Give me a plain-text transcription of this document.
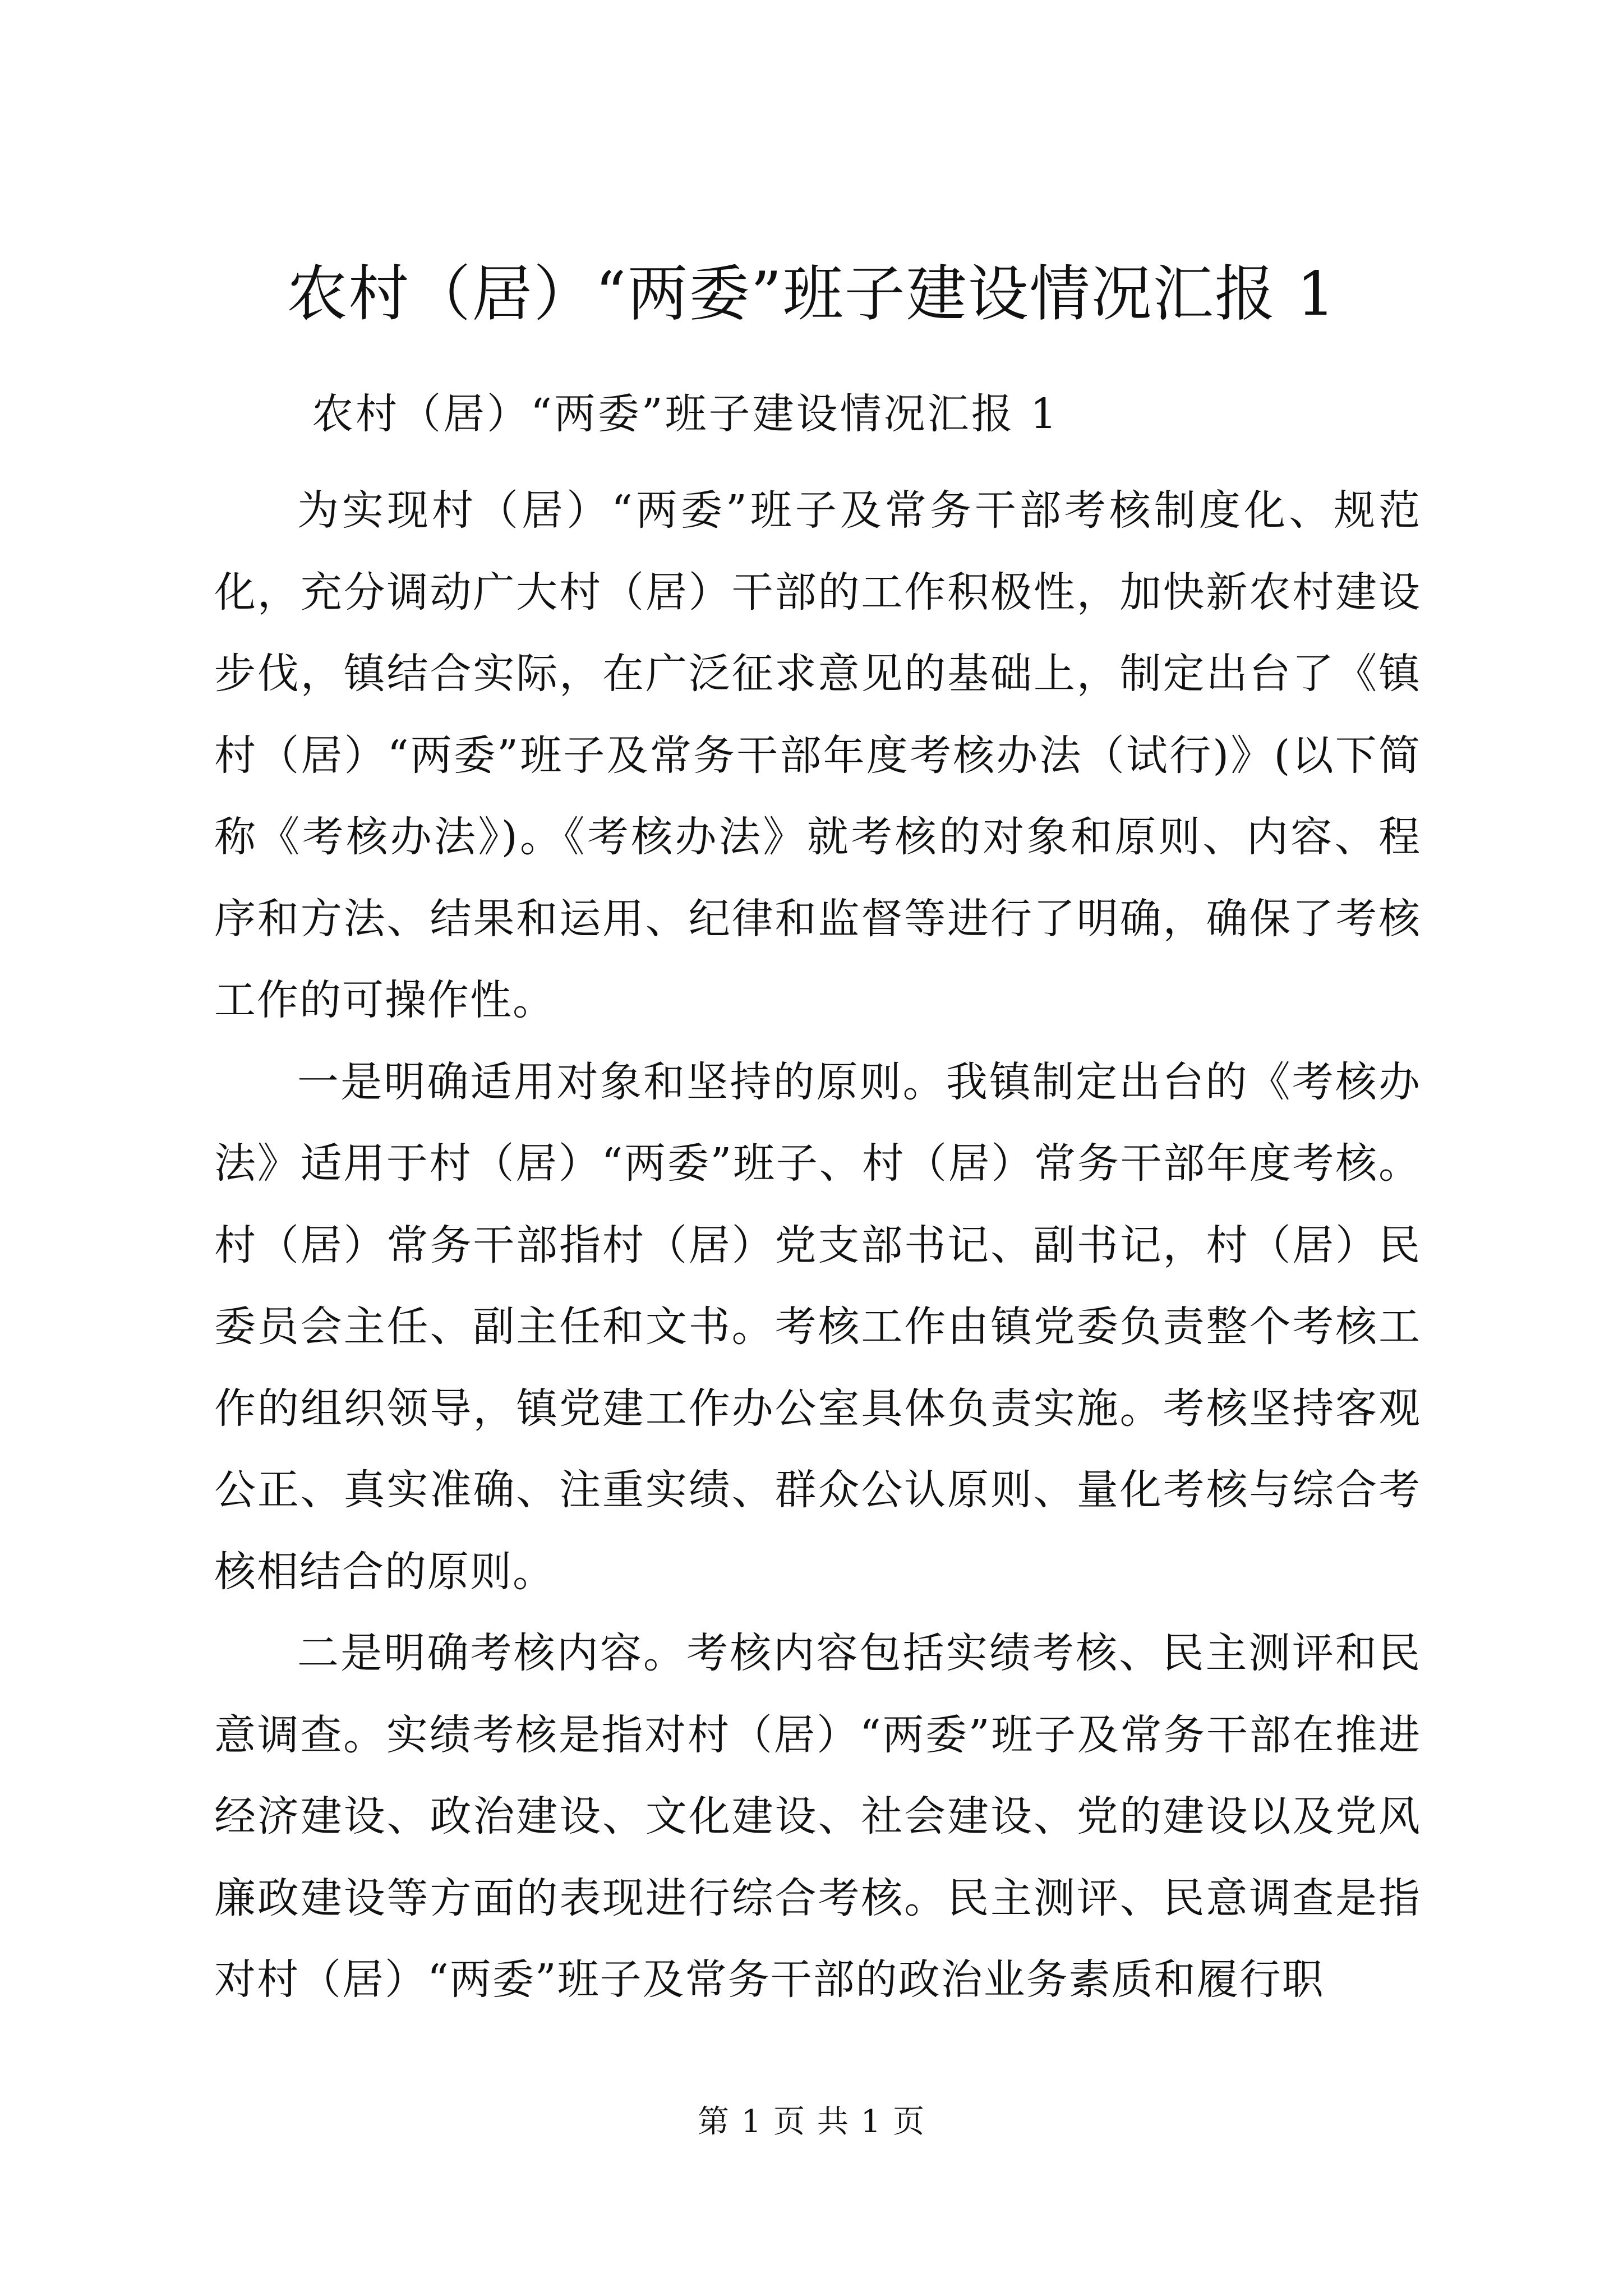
农村（居）“两委”班子建设情况汇报 1

农村（居）“两委”班子建设情况汇报 1

为实现村（居）“两委”班子及常务干部考核制度化、规范化，充分调动广大村（居）干部的工作积极性，加快新农村建设步伐，镇结合实际，在广泛征求意见的基础上，制定出台了《镇村（居）“两委”班子及常务干部年度考核办法（试行)》(以下简称《考核办法》)。《考核办法》就考核的对象和原则、内容、程序和方法、结果和运用、纪律和监督等进行了明确，确保了考核工作的可操作性。

一是明确适用对象和坚持的原则。我镇制定出台的《考核办法》适用于村（居）“两委”班子、村（居）常务干部年度考核。村（居）常务干部指村（居）党支部书记、副书记，村（居）民委员会主任、副主任和文书。考核工作由镇党委负责整个考核工作的组织领导，镇党建工作办公室具体负责实施。考核坚持客观公正、真实准确、注重实绩、群众公认原则、量化考核与综合考核相结合的原则。

二是明确考核内容。考核内容包括实绩考核、民主测评和民意调查。实绩考核是指对村（居）“两委”班子及常务干部在推进经济建设、政治建设、文化建设、社会建设、党的建设以及党风廉政建设等方面的表现进行综合考核。民主测评、民意调查是指对村（居）“两委”班子及常务干部的政治业务素质和履行职

第 1 页 共 1 页
